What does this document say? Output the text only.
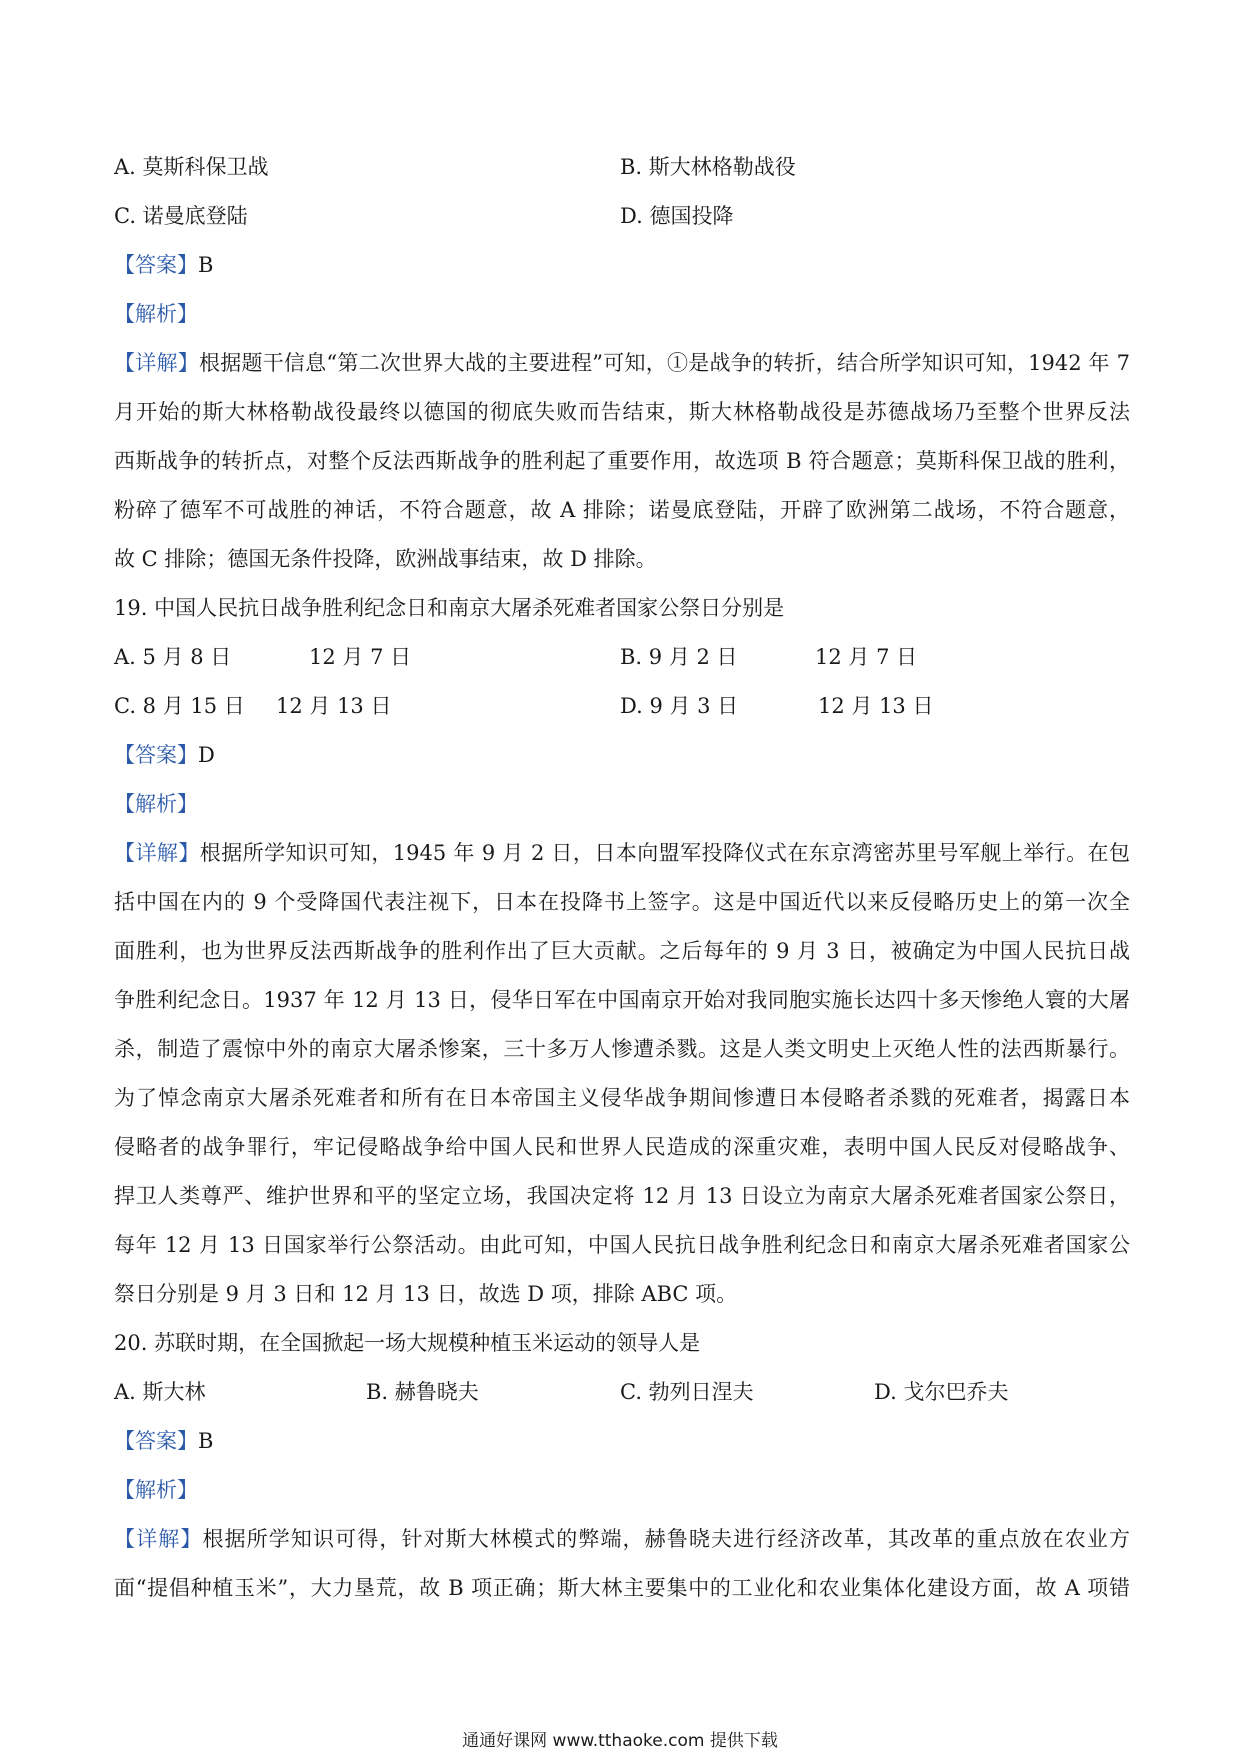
A. 莫斯科保卫战	B. 斯大林格勒战役
C. 诺曼底登陆	D. 德国投降
【答案】B
【解析】
【详解】根据题干信息“第二次世界大战的主要进程”可知，①是战争的转折，结合所学知识可知，1942 年 7
月开始的斯大林格勒战役最终以德国的彻底失败而告结束，斯大林格勒战役是苏德战场乃至整个世界反法
西斯战争的转折点，对整个反法西斯战争的胜利起了重要作用，故选项 B 符合题意；莫斯科保卫战的胜利，
粉碎了德军不可战胜的神话，不符合题意，故 A 排除；诺曼底登陆，开辟了欧洲第二战场，不符合题意，
故 C 排除；德国无条件投降，欧洲战事结束，故 D 排除。
19. 中国人民抗日战争胜利纪念日和南京大屠杀死难者国家公祭日分别是
A. 5 月 8 日	12 月 7 日	B. 9 月 2 日	12 月 7 日
C. 8 月 15 日 12 月 13 日	D. 9 月 3 日	12 月 13 日
【答案】D
【解析】
【详解】根据所学知识可知，1945 年 9 月 2 日，日本向盟军投降仪式在东京湾密苏里号军舰上举行。在包
括中国在内的 9 个受降国代表注视下，日本在投降书上签字。这是中国近代以来反侵略历史上的第一次全
面胜利，也为世界反法西斯战争的胜利作出了巨大贡献。之后每年的 9 月 3 日，被确定为中国人民抗日战
争胜利纪念日。1937 年 12 月 13 日，侵华日军在中国南京开始对我同胞实施长达四十多天惨绝人寰的大屠
杀，制造了震惊中外的南京大屠杀惨案，三十多万人惨遭杀戮。这是人类文明史上灭绝人性的法西斯暴行。
为了悼念南京大屠杀死难者和所有在日本帝国主义侵华战争期间惨遭日本侵略者杀戮的死难者，揭露日本
侵略者的战争罪行，牢记侵略战争给中国人民和世界人民造成的深重灾难，表明中国人民反对侵略战争、
捍卫人类尊严、维护世界和平的坚定立场，我国决定将 12 月 13 日设立为南京大屠杀死难者国家公祭日，
每年 12 月 13 日国家举行公祭活动。由此可知，中国人民抗日战争胜利纪念日和南京大屠杀死难者国家公
祭日分别是 9 月 3 日和 12 月 13 日，故选 D 项，排除 ABC 项。
20. 苏联时期，在全国掀起一场大规模种植玉米运动的领导人是
A. 斯大林	B. 赫鲁晓夫	C. 勃列日涅夫	D. 戈尔巴乔夫
【答案】B
【解析】
【详解】根据所学知识可得，针对斯大林模式的弊端，赫鲁晓夫进行经济改革，其改革的重点放在农业方
面“提倡种植玉米”，大力垦荒，故 B 项正确；斯大林主要集中的工业化和农业集体化建设方面，故 A 项错
通通好课网 www.tthaoke.com 提供下载
